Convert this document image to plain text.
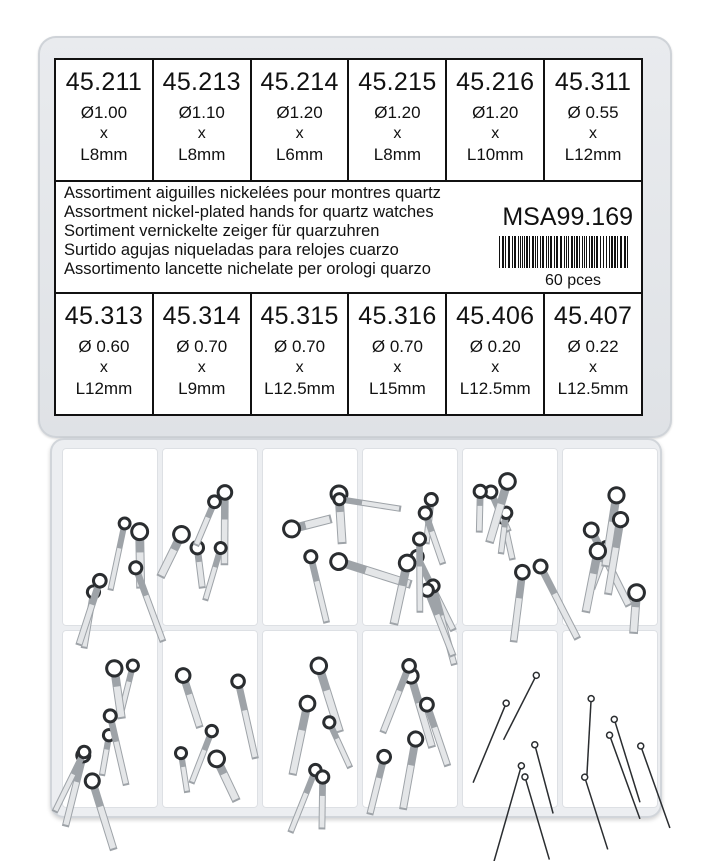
45.211
Ø1.00
x
L8mm
45.213
Ø1.10
x
L8mm
45.214
Ø1.20
x
L6mm
45.215
Ø1.20
x
L8mm
45.216
Ø1.20
x
L10mm
45.311
Ø 0.55
x
L12mm
Assortiment aiguilles nickelées pour montres quartz
Assortment nickel-plated hands for quartz watches
Sortiment vernickelte zeiger für quarzuhren
Surtido agujas niqueladas para relojes cuarzo
Assortimento lancette nichelate per orologi quarzo
MSA99.169
60 pces
45.313
Ø 0.60
x
L12mm
45.314
Ø 0.70
x
L9mm
45.315
Ø 0.70
x
L12.5mm
45.316
Ø 0.70
x
L15mm
45.406
Ø 0.20
x
L12.5mm
45.407
Ø 0.22
x
L12.5mm
